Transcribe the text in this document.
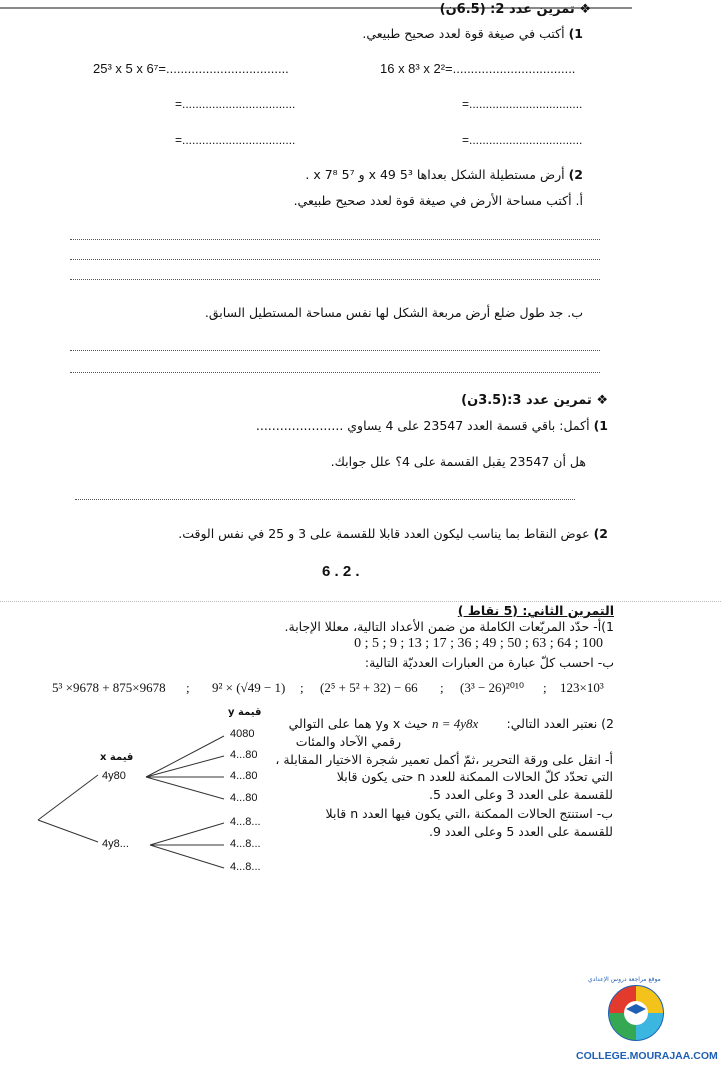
❖ تمرين عدد 2: (6.5ن)
1) أكتب في صيغة قوة لعدد صحيح طبيعي.
25³ x 5 x 6⁷=..................................	16 x 8³ x 2²=..................................
=..................................	=..................................
=..................................	=..................................
2) أرض مستطيلة الشكل بعداها 5³ x 49 و 5⁷ x 7⁸ .
أ. أكتب مساحة الأرض في صيغة قوة لعدد صحيح طبيعي.
ب. جد طول ضلع أرض مربعة الشكل لها نفس مساحة المستطيل السابق.
❖ تمرين عدد 3:(3.5ن)
1) أكمل: باقي قسمة العدد 23547 على 4 يساوي ......................
هل أن 23547 يقبل القسمة على 4؟ علل جوابك.
2) عوض النقاط بما يناسب ليكون العدد قابلا للقسمة على 3 و 25 في نفس الوقت.
6 . 2 .
التمرين الثاني: (5 نقاط )
1)أ- حدّد المربّعات الكاملة من ضمن الأعداد التالية، معللا الإجابة.
0 ; 5 ; 9 ; 13 ; 17 ; 36 ; 49 ; 50 ; 63 ; 64 ; 100
ب- احسب كلّ عبارة من العبارات العدديّة التالية:
5³ ×9678 + 875×9678 ; 9² × (√49 − 1) ; (2⁵ + 5² + 32) − 66 ; (3³ − 26)²⁰¹⁰ ; 123×10³
2) نعتبر العدد التالي:
n = 4y8x
حيث x وy هما على التوالي
رقمي الآحاد والمئات
أ- انقل على ورقة التحرير ،ثمّ أكمل تعمير شجرة الاختيار المقابلة ،
التي تحدّد كلّ الحالات الممكنة للعدد n حتى يكون قابلا
للقسمة على العدد 3 وعلى العدد 5.
ب- استنتج الحالات الممكنة ،التي يكون فيها العدد n قابلا
للقسمة على العدد 5 وعلى العدد 9.
قيمة y
قيمة x
4y80
4y8...
4080
4...80
4...80
4...80
4...8...
4...8...
4...8...
موقع مراجعة دروس الإعدادي
COLLEGE.MOURAJAA.COM
